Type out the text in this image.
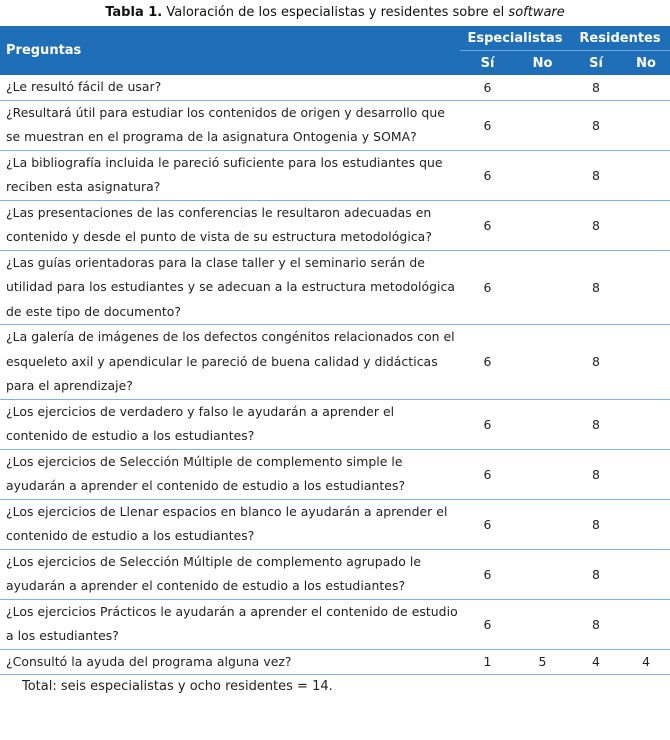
Tabla 1. Valoración de los especialistas y residentes sobre el software
Preguntas	Especialistas		Residentes	
	Sí	No	Sí	No
¿Le resultó fácil de usar?	6		8	
¿Resultará útil para estudiar los contenidos de origen y desarrollo que se muestran en el programa de la asignatura Ontogenia y SOMA?	6		8	
¿La bibliografía incluida le pareció suficiente para los estudiantes que reciben esta asignatura?	6		8	
¿Las presentaciones de las conferencias le resultaron adecuadas en contenido y desde el punto de vista de su estructura metodológica?	6		8	
¿Las guías orientadoras para la clase taller y el seminario serán de utilidad para los estudiantes y se adecuan a la estructura metodológica de este tipo de documento?	6		8	
¿La galería de imágenes de los defectos congénitos relacionados con el esqueleto axil y apendicular le pareció de buena calidad y didácticas para el aprendizaje?	6		8	
¿Los ejercicios de verdadero y falso le ayudarán a aprender el contenido de estudio a los estudiantes?	6		8	
¿Los ejercicios de Selección Múltiple de complemento simple le ayudarán a aprender el contenido de estudio a los estudiantes?	6		8	
¿Los ejercicios de Llenar espacios en blanco le ayudarán a aprender el contenido de estudio a los estudiantes?	6		8	
¿Los ejercicios de Selección Múltiple de complemento agrupado le ayudarán a aprender el contenido de estudio a los estudiantes?	6		8	
¿Los ejercicios Prácticos le ayudarán a aprender el contenido de estudio a los estudiantes?	6		8	
¿Consultó la ayuda del programa alguna vez?	1	5	4	4
Total: seis especialistas y ocho residentes = 14.
